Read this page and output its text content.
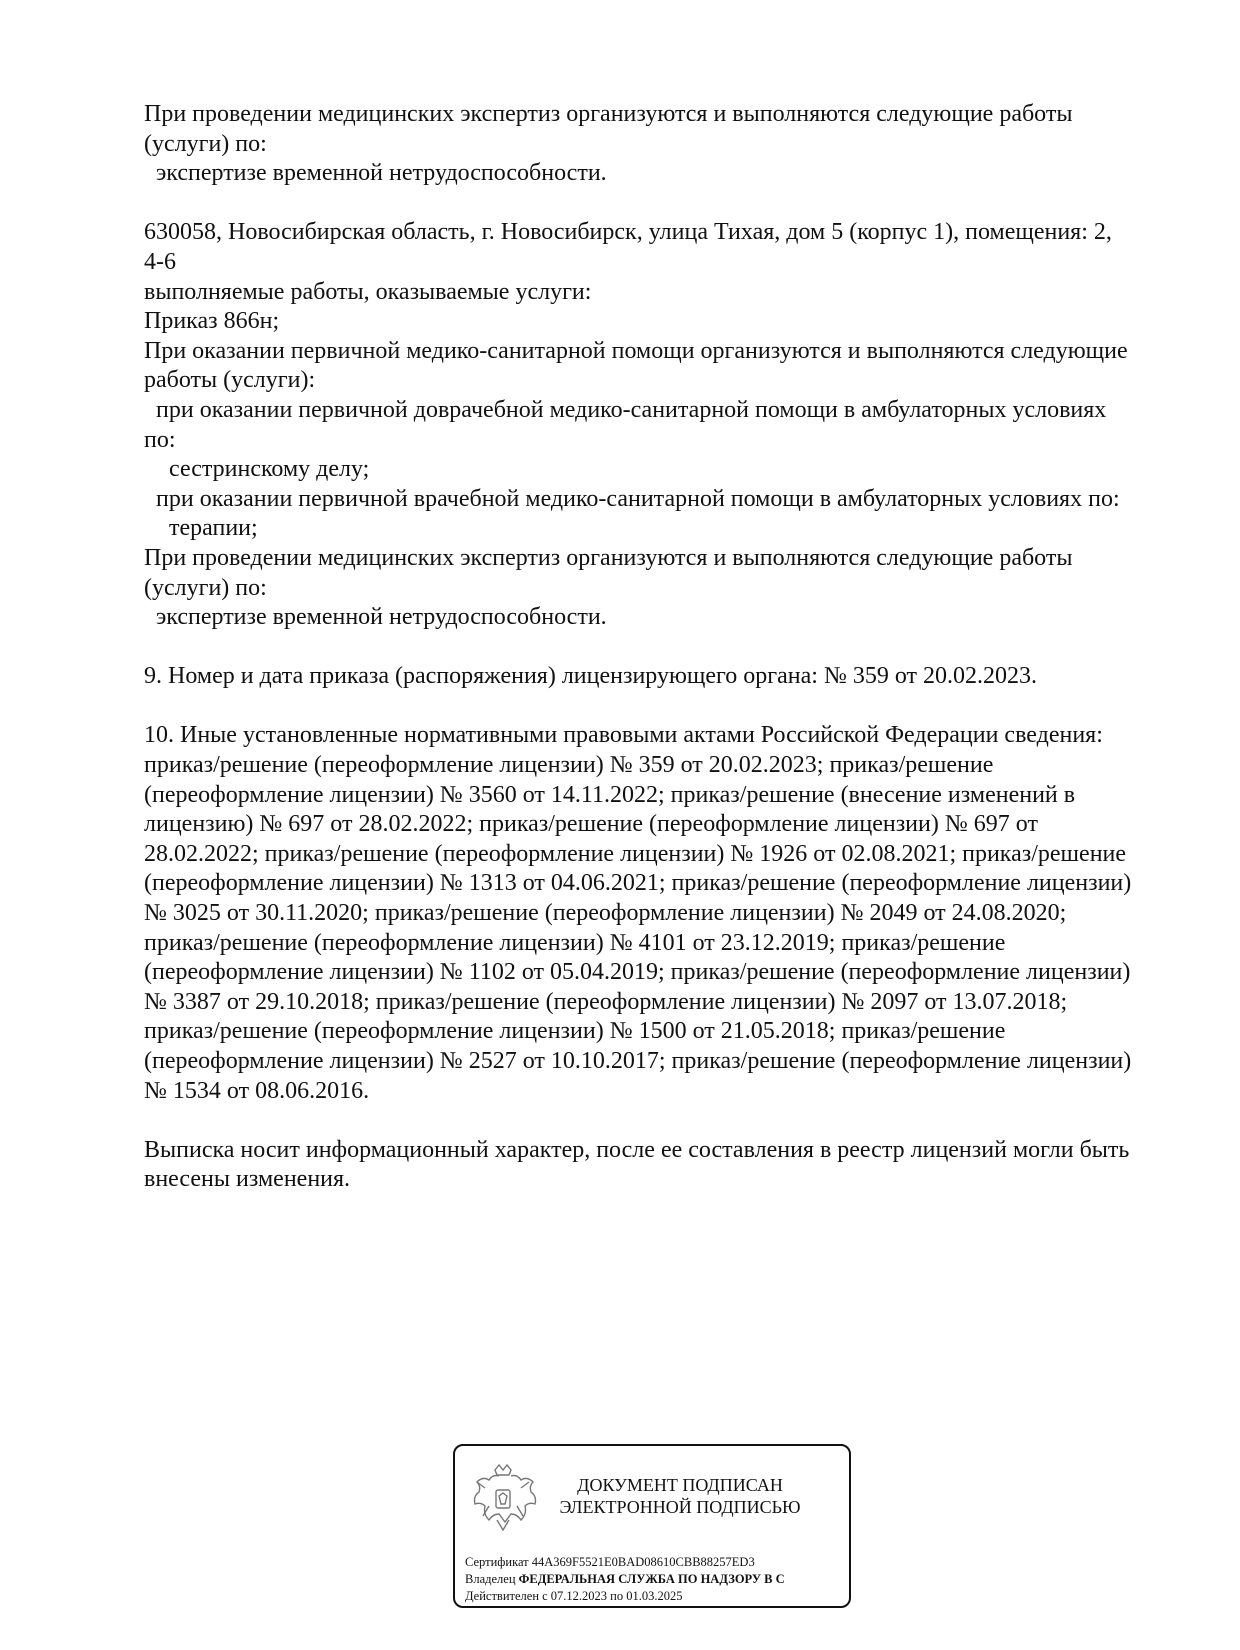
При проведении медицинских экспертиз организуются и выполняются следующие работы
(услуги) по:
экспертизе временной нетрудоспособности.
630058, Новосибирская область, г. Новосибирск, улица Тихая, дом 5 (корпус 1), помещения: 2,
4-6
выполняемые работы, оказываемые услуги:
Приказ 866н;
При оказании первичной медико-санитарной помощи организуются и выполняются следующие
работы (услуги):
при оказании первичной доврачебной медико-санитарной помощи в амбулаторных условиях
по:
сестринскому делу;
при оказании первичной врачебной медико-санитарной помощи в амбулаторных условиях по:
терапии;
При проведении медицинских экспертиз организуются и выполняются следующие работы
(услуги) по:
экспертизе временной нетрудоспособности.
9. Номер и дата приказа (распоряжения) лицензирующего органа: № 359 от 20.02.2023.
10. Иные установленные нормативными правовыми актами Российской Федерации сведения:
приказ/решение (переоформление лицензии) № 359 от 20.02.2023; приказ/решение
(переоформление лицензии) № 3560 от 14.11.2022; приказ/решение (внесение изменений в
лицензию) № 697 от 28.02.2022; приказ/решение (переоформление лицензии) № 697 от
28.02.2022; приказ/решение (переоформление лицензии) № 1926 от 02.08.2021; приказ/решение
(переоформление лицензии) № 1313 от 04.06.2021; приказ/решение (переоформление лицензии)
№ 3025 от 30.11.2020; приказ/решение (переоформление лицензии) № 2049 от 24.08.2020;
приказ/решение (переоформление лицензии) № 4101 от 23.12.2019; приказ/решение
(переоформление лицензии) № 1102 от 05.04.2019; приказ/решение (переоформление лицензии)
№ 3387 от 29.10.2018; приказ/решение (переоформление лицензии) № 2097 от 13.07.2018;
приказ/решение (переоформление лицензии) № 1500 от 21.05.2018; приказ/решение
(переоформление лицензии) № 2527 от 10.10.2017; приказ/решение (переоформление лицензии)
№ 1534 от 08.06.2016.
Выписка носит информационный характер, после ее составления в реестр лицензий могли быть
внесены изменения.
ДОКУМЕНТ ПОДПИСАН
ЭЛЕКТРОННОЙ ПОДПИСЬЮ
Сертификат 44A369F5521E0BAD08610CBB88257ED3
Владелец ФЕДЕРАЛЬНАЯ СЛУЖБА ПО НАДЗОРУ В С
Действителен с 07.12.2023 по 01.03.2025
